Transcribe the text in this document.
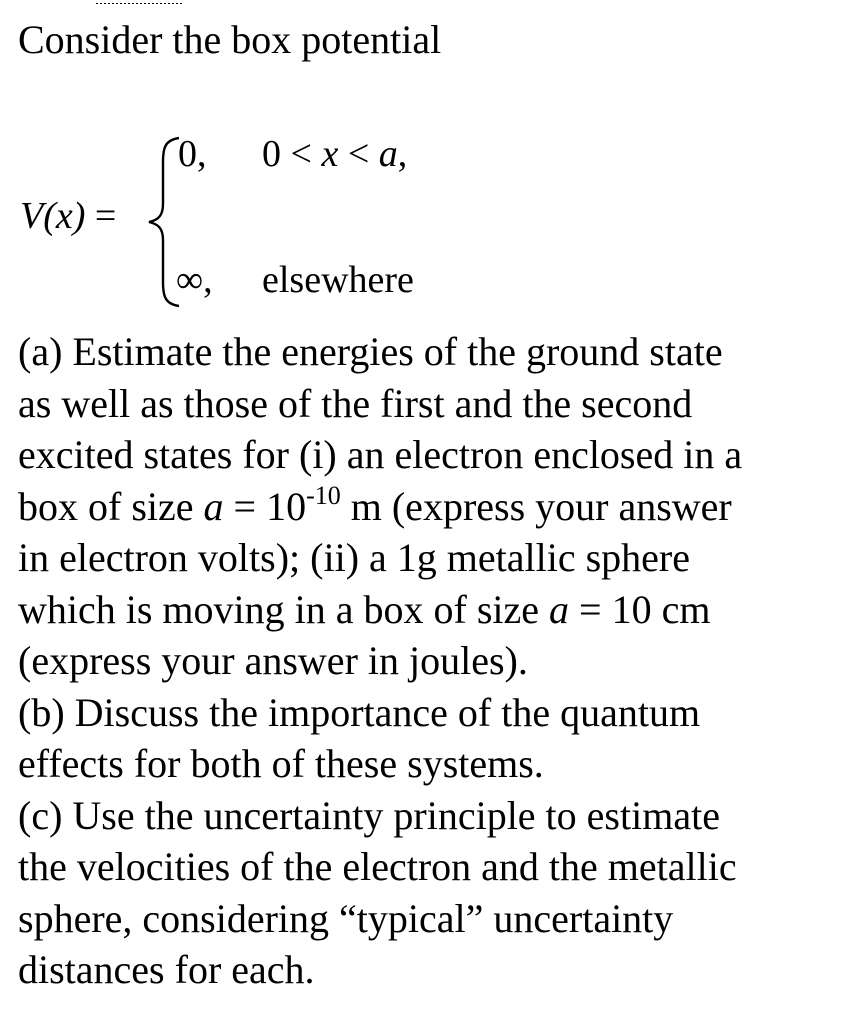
Consider the box potential
V(x) =
0, 0 < x < a,
∞, elsewhere
(a) Estimate the energies of the ground state
as well as those of the first and the second
excited states for (i) an electron enclosed in a
box of size $a = 10^{-10}$ m (express your answer
in electron volts); (ii) a 1g metallic sphere
which is moving in a box of size a = 10 cm
(express your answer in joules).
(b) Discuss the importance of the quantum
effects for both of these systems.
(c) Use the uncertainty principle to estimate
the velocities of the electron and the metallic
sphere, considering “typical” uncertainty
distances for each.
